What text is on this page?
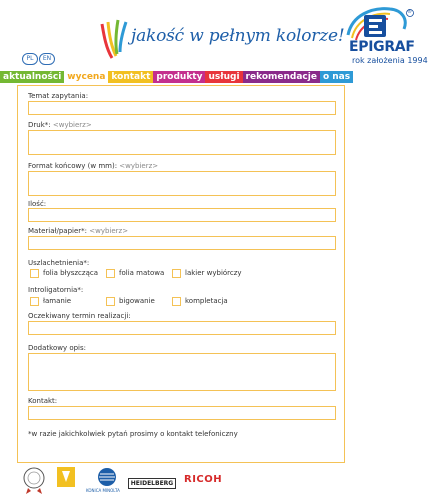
jakość w pełnym kolorze!
PL	EN
®
EPIGRAF
rok założenia 1994
aktualności wycena kontakt produkty usługi rekomendacje o nas
Temat zapytania:
Druk*: <wybierz>
Format końcowy (w mm): <wybierz>
Ilość:
Materiał/papier*: <wybierz>
Uszlachetnienia*:
folia błyszcząca	folia matowa	lakier wybiórczy
Introligatornia*:
łamanie	bigowanie	kompletacja
Oczekiwany termin realizacji:
Dodatkowy opis:
Kontakt:
*w razie jakichkolwiek pytań prosimy o kontakt telefoniczny
KONICA MINOLTA
HEIDELBERG RICOH
